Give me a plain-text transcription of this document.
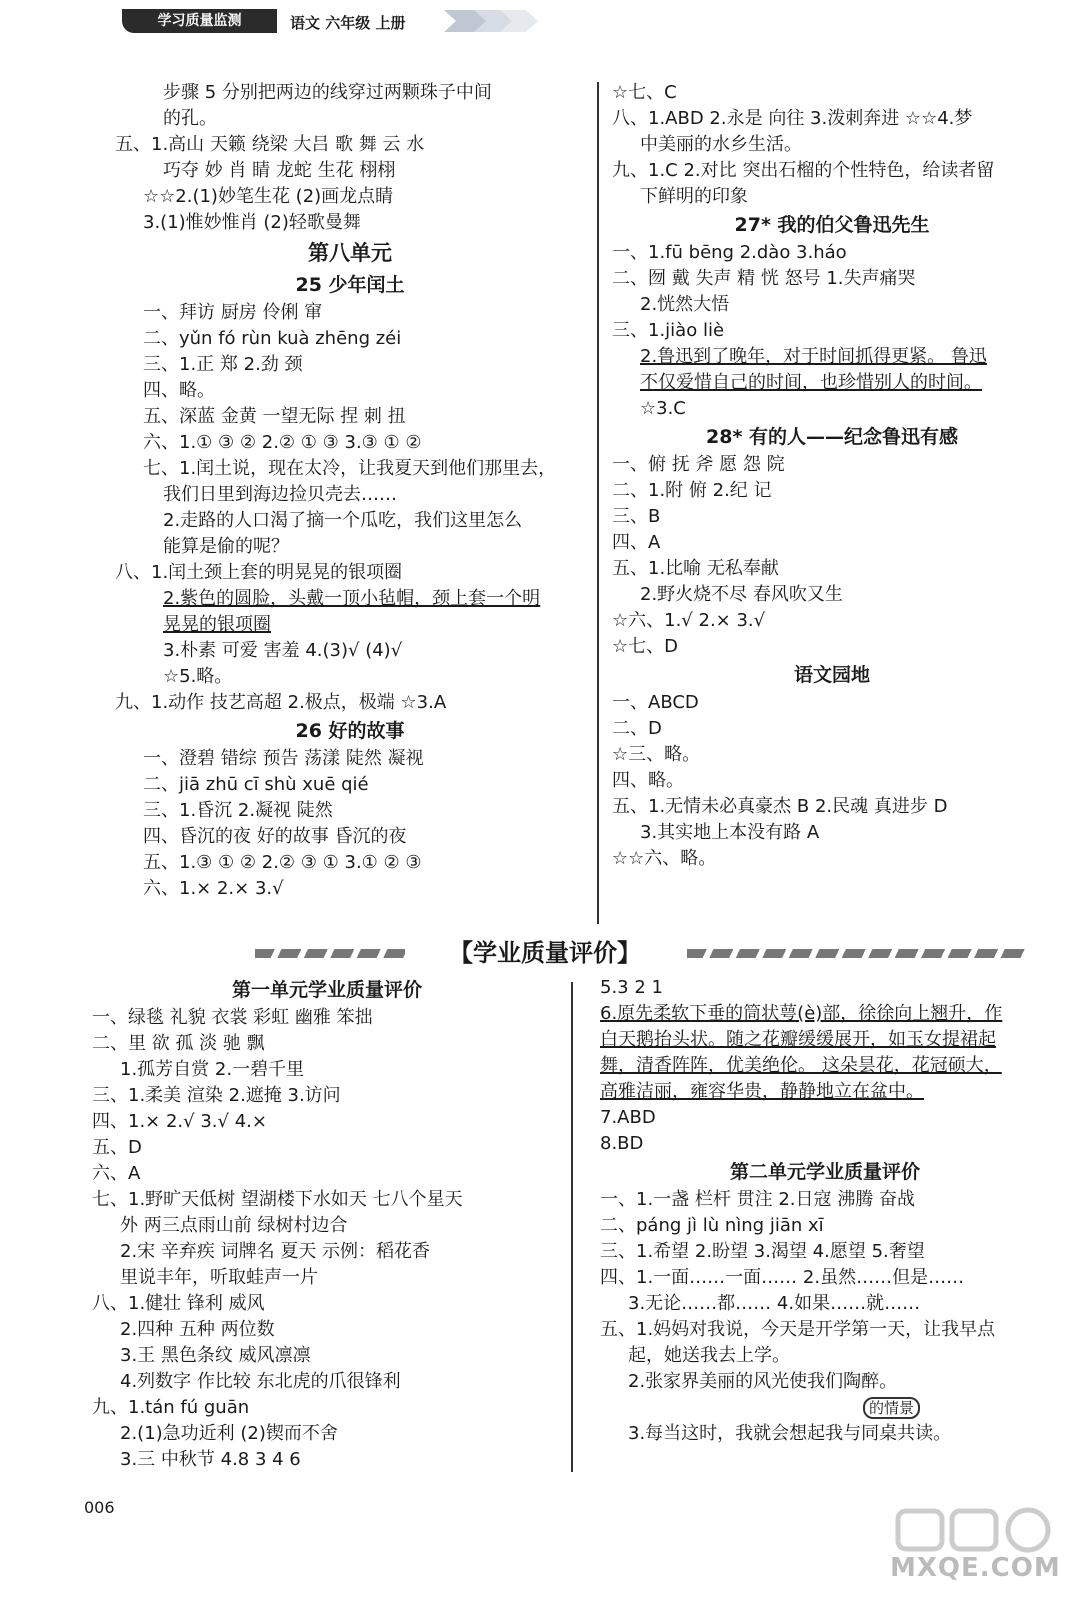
学习质量监测	语文 六年级 上册

步骤 5 分别把两边的线穿过两颗珠子中间

的孔。

五、1.高山 天籁 绕梁 大吕 歌 舞 云 水

巧夺 妙 肖 睛 龙蛇 生花 栩栩

☆☆2.(1)妙笔生花 (2)画龙点睛

3.(1)惟妙惟肖 (2)轻歌曼舞

第八单元
25 少年闰土

一、拜访 厨房 伶俐 窜

二、yǔn fó rùn kuà zhēng zéi

三、1.正 郑 2.劲 颈

四、略。

五、深蓝 金黄 一望无际 捏 刺 扭

六、1.① ③ ② 2.② ① ③ 3.③ ① ②

七、1.闰土说，现在太冷，让我夏天到他们那里去，

我们日里到海边捡贝壳去……

2.走路的人口渴了摘一个瓜吃，我们这里怎么

能算是偷的呢？

八、1.闰土颈上套的明晃晃的银项圈

2.紫色的圆脸，头戴一顶小毡帽，颈上套一个明

晃晃的银项圈

3.朴素 可爱 害羞 4.(3)√ (4)√

☆5.略。

九、1.动作 技艺高超 2.极点，极端 ☆3.A

26 好的故事

一、澄碧 错综 预告 荡漾 陡然 凝视

二、jiā zhū cī shù xuē qié

三、1.昏沉 2.凝视 陡然

四、昏沉的夜 好的故事 昏沉的夜

五、1.③ ① ② 2.② ③ ① 3.① ② ③

六、1.× 2.× 3.√

☆七、C

八、1.ABD 2.永是 向往 3.泼刺奔进 ☆☆4.梦

中美丽的水乡生活。

九、1.C 2.对比 突出石榴的个性特色，给读者留

下鲜明的印象

27* 我的伯父鲁迅先生

一、1.fū bēng 2.dào 3.háo

二、囫 戴 失声 精 恍 怒号 1.失声痛哭

2.恍然大悟

三、1.jiào liè

2.鲁迅到了晚年，对于时间抓得更紧。 鲁迅

不仅爱惜自己的时间，也珍惜别人的时间。

☆3.C

28* 有的人——纪念鲁迅有感

一、俯 抚 斧 愿 怨 院

二、1.附 俯 2.纪 记

三、B

四、A

五、1.比喻 无私奉献

2.野火烧不尽 春风吹又生

☆六、1.√ 2.× 3.√

☆七、D

语文园地

一、ABCD

二、D

☆三、略。

四、略。

五、1.无情未必真豪杰 B 2.民魂 真进步 D

3.其实地上本没有路 A

☆☆六、略。

【学业质量评价】
第一单元学业质量评价

一、绿毯 礼貌 衣裳 彩虹 幽雅 笨拙

二、里 欲 孤 淡 驰 飘

1.孤芳自赏 2.一碧千里

三、1.柔美 渲染 2.遮掩 3.访问

四、1.× 2.√ 3.√ 4.×

五、D

六、A

七、1.野旷天低树 望湖楼下水如天 七八个星天

外 两三点雨山前 绿树村边合

2.宋 辛弃疾 词牌名 夏天 示例：稻花香

里说丰年，听取蛙声一片

八、1.健壮 锋利 威风

2.四种 五种 两位数

3.王 黑色条纹 威风凛凛

4.列数字 作比较 东北虎的爪很锋利

九、1.tán fú guān

2.(1)急功近利 (2)锲而不舍

3.三 中秋节 4.8 3 4 6

5.3 2 1

6.原先柔软下垂的筒状萼(è)部，徐徐向上翘升，作

白天鹅抬头状。随之花瓣缓缓展开，如玉女提裙起

舞，清香阵阵，优美绝伦。 这朵昙花，花冠硕大，

高雅洁丽，雍容华贵，静静地立在盆中。

7.ABD

8.BD

第二单元学业质量评价

一、1.一盏 栏杆 贯注 2.日寇 沸腾 奋战

二、páng jì lù nìng jiān xī

三、1.希望 2.盼望 3.渴望 4.愿望 5.奢望

四、1.一面……一面…… 2.虽然……但是……

3.无论……都…… 4.如果……就……

五、1.妈妈对我说，今天是开学第一天，让我早点

起，她送我去上学。

2.张家界美丽的风光使我们陶醉。

的情景

3.每当这时，我就会想起我与同桌共读。

006
MXQE.COM
